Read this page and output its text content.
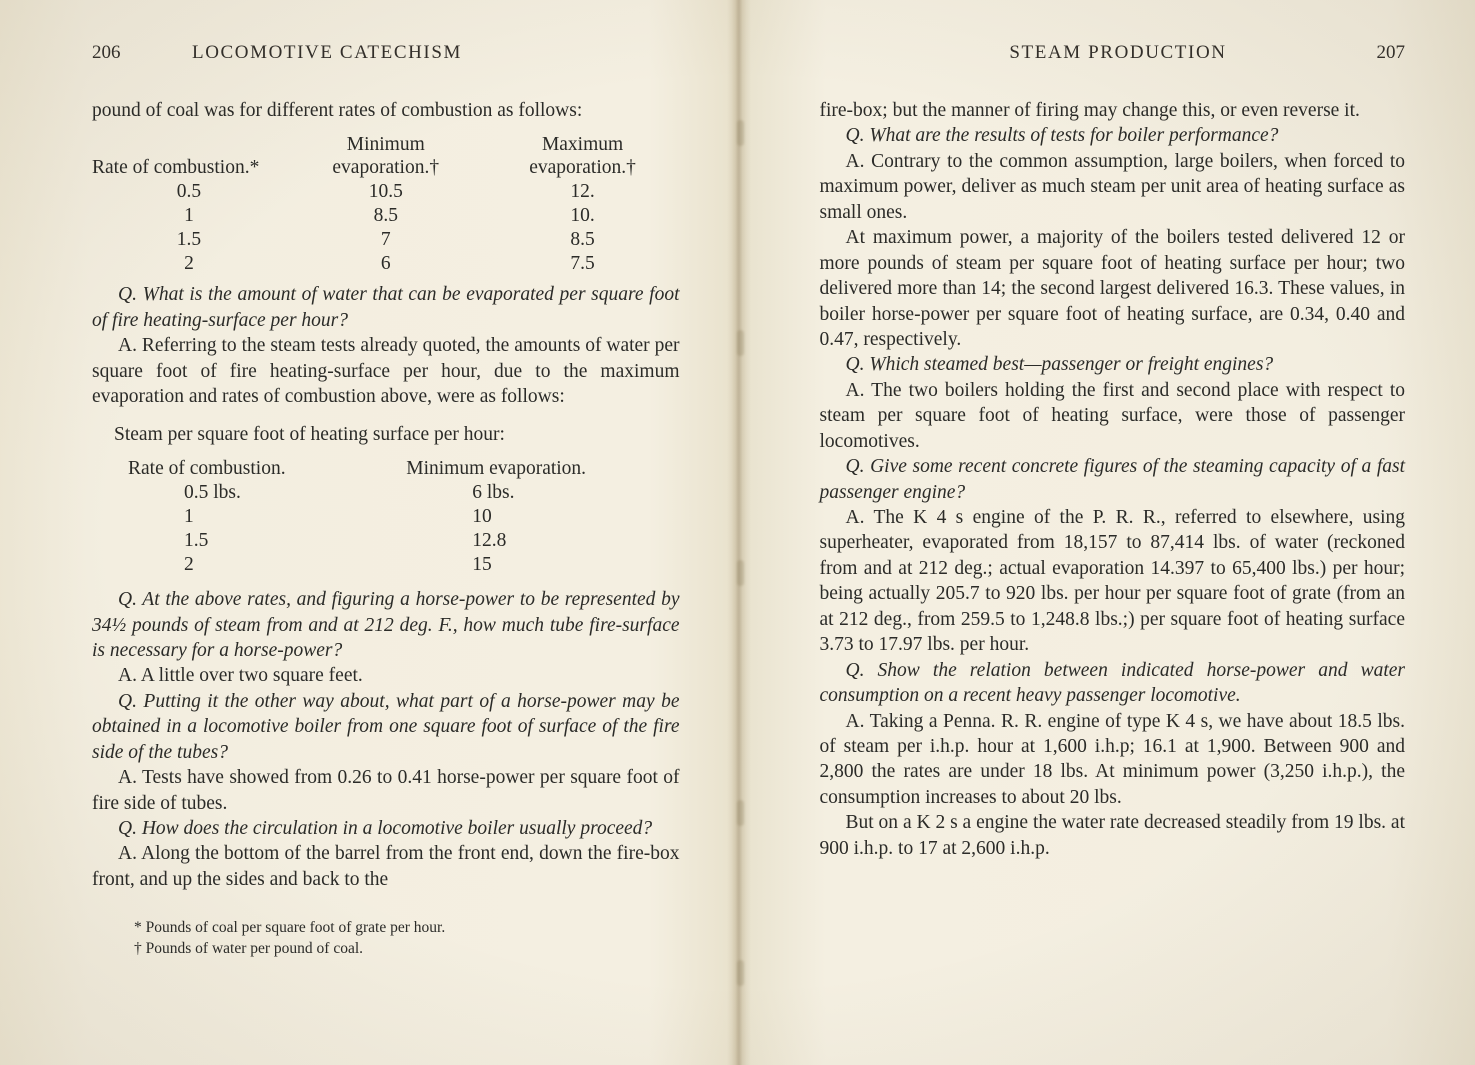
206	LOCOMOTIVE CATECHISM

pound of coal was for different rates of combustion as follows:

	Minimum	Maximum
Rate of combustion.*	evaporation.†	evaporation.†
0.5	10.5	12.
1	8.5	10.
1.5	7	8.5
2	6	7.5

Q. What is the amount of water that can be evaporated per square foot of fire heating-surface per hour?

A. Referring to the steam tests already quoted, the amounts of water per square foot of fire heating-surface per hour, due to the maximum evaporation and rates of combustion above, were as follows:

Steam per square foot of heating surface per hour:

Rate of combustion.	Minimum evaporation.
0.5 lbs.	6 lbs.
1	10
1.5	12.8
2	15

Q. At the above rates, and figuring a horse-power to be represented by 34½ pounds of steam from and at 212 deg. F., how much tube fire-surface is necessary for a horse-power?

A. A little over two square feet.

Q. Putting it the other way about, what part of a horse-power may be obtained in a locomotive boiler from one square foot of surface of the fire side of the tubes?

A. Tests have showed from 0.26 to 0.41 horse-power per square foot of fire side of tubes.

Q. How does the circulation in a locomotive boiler usually proceed?

A. Along the bottom of the barrel from the front end, down the fire-box front, and up the sides and back to the

* Pounds of coal per square foot of grate per hour.
† Pounds of water per pound of coal.
STEAM PRODUCTION	207

fire-box; but the manner of firing may change this, or even reverse it.

Q. What are the results of tests for boiler performance?

A. Contrary to the common assumption, large boilers, when forced to maximum power, deliver as much steam per unit area of heating surface as small ones.

At maximum power, a majority of the boilers tested delivered 12 or more pounds of steam per square foot of heating surface per hour; two delivered more than 14; the second largest delivered 16.3. These values, in boiler horse-power per square foot of heating surface, are 0.34, 0.40 and 0.47, respectively.

Q. Which steamed best—passenger or freight engines?

A. The two boilers holding the first and second place with respect to steam per square foot of heating surface, were those of passenger locomotives.

Q. Give some recent concrete figures of the steaming capacity of a fast passenger engine?

A. The K 4 s engine of the P. R. R., referred to elsewhere, using superheater, evaporated from 18,157 to 87,414 lbs. of water (reckoned from and at 212 deg.; actual evaporation 14.397 to 65,400 lbs.) per hour; being actually 205.7 to 920 lbs. per hour per square foot of grate (from an at 212 deg., from 259.5 to 1,248.8 lbs.;) per square foot of heating surface 3.73 to 17.97 lbs. per hour.

Q. Show the relation between indicated horse-power and water consumption on a recent heavy passenger locomotive.

A. Taking a Penna. R. R. engine of type K 4 s, we have about 18.5 lbs. of steam per i.h.p. hour at 1,600 i.h.p; 16.1 at 1,900. Between 900 and 2,800 the rates are under 18 lbs. At minimum power (3,250 i.h.p.), the consumption increases to about 20 lbs.

But on a K 2 s a engine the water rate decreased steadily from 19 lbs. at 900 i.h.p. to 17 at 2,600 i.h.p.
